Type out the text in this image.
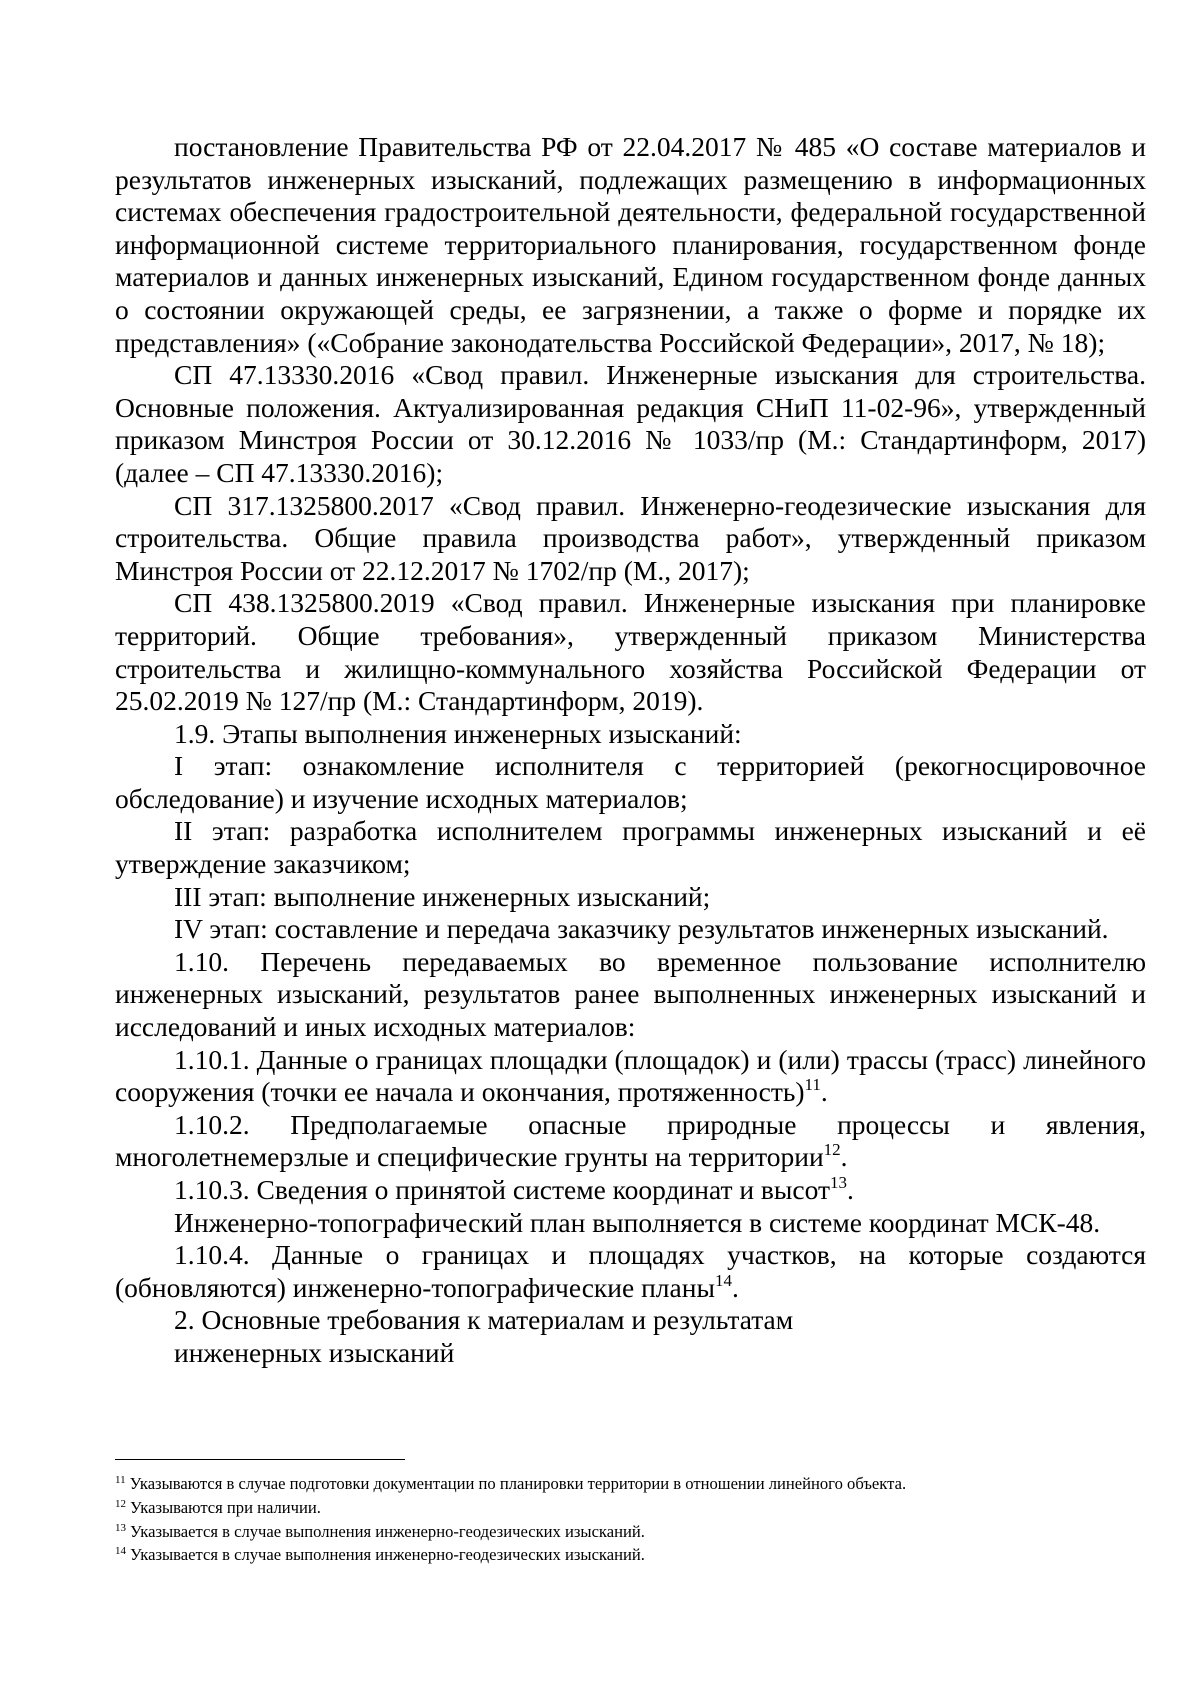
постановление Правительства РФ от 22.04.2017 № 485 «О составе материалов и результатов инженерных изысканий, подлежащих размещению в информационных системах обеспечения градостроительной деятельности, федеральной государственной информационной системе территориального планирования, государственном фонде материалов и данных инженерных изысканий, Едином государственном фонде данных о состоянии окружающей среды, ее загрязнении, а также о форме и порядке их представления» («Собрание законодательства Российской Федерации», 2017, № 18);

СП 47.13330.2016 «Свод правил. Инженерные изыскания для строительства. Основные положения. Актуализированная редакция СНиП 11-02-96», утвержденный приказом Минстроя России от 30.12.2016 № 1033/пр (М.: Стандартинформ, 2017) (далее – СП 47.13330.2016);

СП 317.1325800.2017 «Свод правил. Инженерно-геодезические изыскания для строительства. Общие правила производства работ», утвержденный приказом Минстроя России от 22.12.2017 № 1702/пр (М., 2017);

СП 438.1325800.2019 «Свод правил. Инженерные изыскания при планировке территорий. Общие требования», утвержденный приказом Министерства строительства и жилищно-коммунального хозяйства Российской Федерации от 25.02.2019 № 127/пр (М.: Стандартинформ, 2019).

1.9. Этапы выполнения инженерных изысканий:

I этап: ознакомление исполнителя с территорией (рекогносцировочное обследование) и изучение исходных материалов;

II этап: разработка исполнителем программы инженерных изысканий и её утверждение заказчиком;

III этап: выполнение инженерных изысканий;

IV этап: составление и передача заказчику результатов инженерных изысканий.

1.10. Перечень передаваемых во временное пользование исполнителю инженерных изысканий, результатов ранее выполненных инженерных изысканий и исследований и иных исходных материалов:

1.10.1. Данные о границах площадки (площадок) и (или) трассы (трасс) линейного сооружения (точки ее начала и окончания, протяженность)$^{11}$.

1.10.2. Предполагаемые опасные природные процессы и явления, многолетнемерзлые и специфические грунты на территории$^{12}$.

1.10.3. Сведения о принятой системе координат и высот$^{13}$.

Инженерно-топографический план выполняется в системе координат МСК-48.

1.10.4. Данные о границах и площадях участков, на которые создаются (обновляются) инженерно-топографические планы$^{14}$.

2. Основные требования к материалам и результатам
инженерных изысканий

$^{11}$ Указываются в случае подготовки документации по планировки территории в отношении линейного объекта.

$^{12}$ Указываются при наличии.

$^{13}$ Указывается в случае выполнения инженерно-геодезических изысканий.

$^{14}$ Указывается в случае выполнения инженерно-геодезических изысканий.
